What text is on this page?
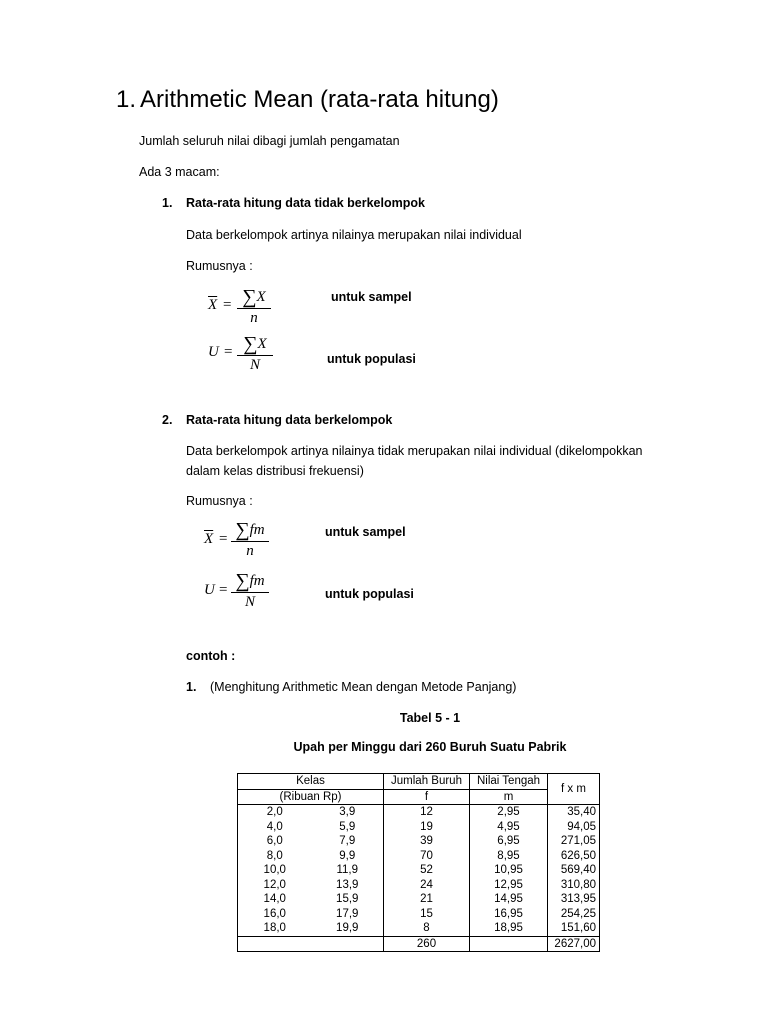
1. Arithmetic Mean (rata-rata hitung)
Jumlah seluruh nilai dibagi jumlah pengamatan
Ada 3 macam:
1. Rata-rata hitung data tidak berkelompok
Data berkelompok artinya nilainya merupakan nilai individual
Rumusnya :
$\overline{X} = \sum X$
n
untuk sampel
U = ∑X
N	untuk populasi
2. Rata-rata hitung data berkelompok
Data berkelompok artinya nilainya tidak merupakan nilai individual (dikelompokkan
dalam kelas distribusi frekuensi)
Rumusnya :
$\overline{X} = \sum fm$
n
untuk sampel
U = ∑fm
N	untuk populasi
contoh :
1. (Menghitung Arithmetic Mean dengan Metode Panjang)
Tabel 5 - 1
Upah per Minggu dari 260 Buruh Suatu Pabrik
Kelas		Jumlah Buruh	Nilai Tengah	f x m
(Ribuan Rp)		f	m	
2,0	3,9	12	2,95	35,40
4,0	5,9	19	4,95	94,05
6,0	7,9	39	6,95	271,05
8,0	9,9	70	8,95	626,50
10,0	11,9	52	10,95	569,40
12,0	13,9	24	12,95	310,80
14,0	15,9	21	14,95	313,95
16,0	17,9	15	16,95	254,25
18,0	19,9	8	18,95	151,60
		260		2627,00
